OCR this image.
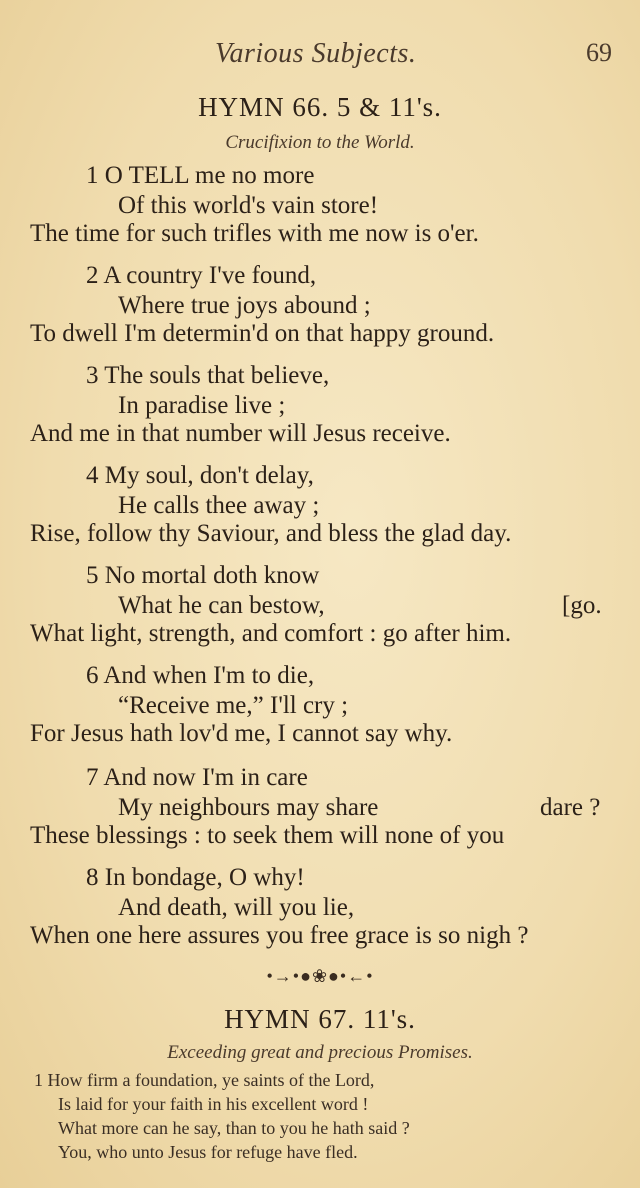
Various Subjects.	69
HYMN 66. 5 & 11's.
Crucifixion to the World.
1 O TELL me no more
Of this world's vain store!
The time for such trifles with me now is o'er.
2 A country I've found,
Where true joys abound ;
To dwell I'm determin'd on that happy ground.
3 The souls that believe,
In paradise live ;
And me in that number will Jesus receive.
4 My soul, don't delay,
He calls thee away ;
Rise, follow thy Saviour, and bless the glad day.
5 No mortal doth know
What he can bestow,	[go.
What light, strength, and comfort : go after him.
6 And when I'm to die,
“Receive me,” I'll cry ;
For Jesus hath lov'd me, I cannot say why.
7 And now I'm in care
My neighbours may share	dare ?
These blessings : to seek them will none of you
8 In bondage, O why!
And death, will you lie,
When one here assures you free grace is so nigh ?
•→•●❀●•←•
HYMN 67. 11's.
Exceeding great and precious Promises.
1 How firm a foundation, ye saints of the Lord,
Is laid for your faith in his excellent word !
What more can he say, than to you he hath said ?
You, who unto Jesus for refuge have fled.
